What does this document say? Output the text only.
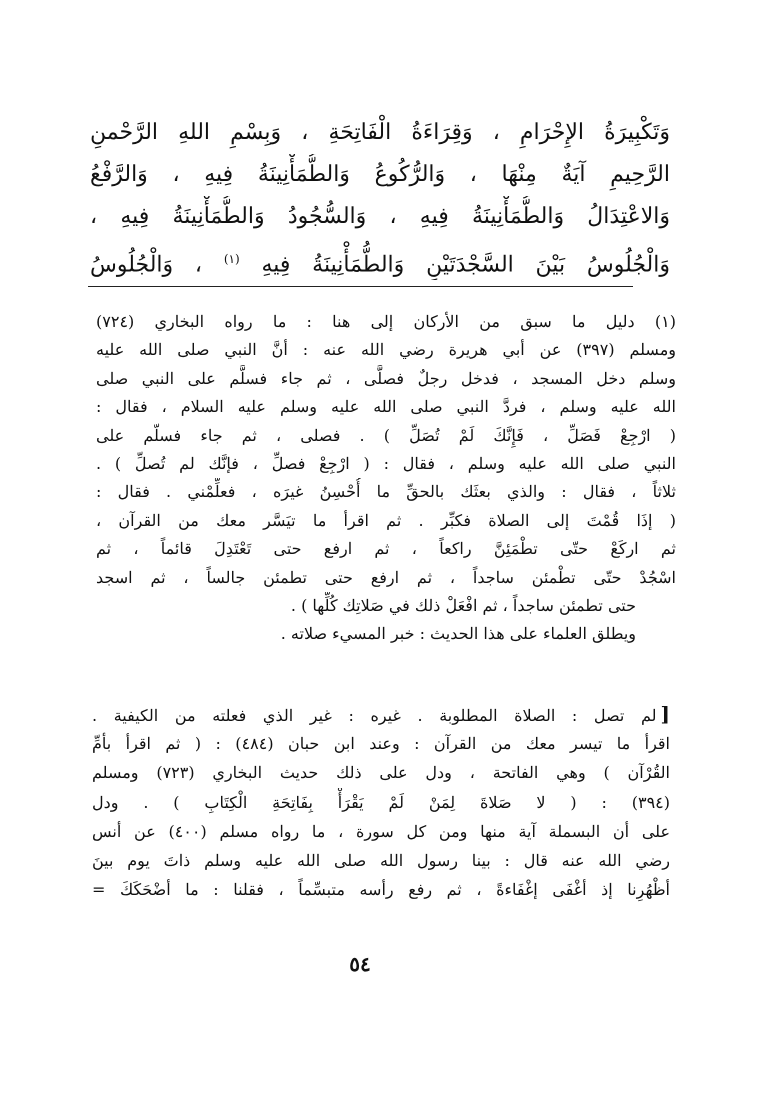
وَتَكْبِيرَةُ الإِحْرَامِ ، وَقِرَاءَةُ الْفَاتِحَةِ ، وَبِسْمِ اللهِ الرَّحْمنِ
الرَّحِيمِ آيَةٌ مِنْهَا ، وَالرُّكُوعُ وَالطُّمَأْنِينَةُ فِيهِ ، وَالرَّفْعُ
وَالاعْتِدَالُ وَالطُّمَأْنِينَةُ فِيهِ ، وَالسُّجُودُ وَالطُّمَأْنِينَةُ فِيهِ ،
وَالْجُلُوسُ بَيْنَ السَّجْدَتَيْنِ وَالطُّمَأْنِينَةُ فِيهِ $^{(١)}$ ، وَالْجُلُوسُ
(١) دليل ما سبق من الأركان إلى هنا : ما رواه البخاري (٧٢٤)
ومسلم (٣٩٧) عن أبي هريرة رضي الله عنه : أنَّ النبي صلى الله عليه
وسلم دخل المسجد ، فدخل رجلٌ فصلَّى ، ثم جاء فسلَّم على النبي صلى
الله عليه وسلم ، فردَّ النبي صلى الله عليه وسلم عليه السلام ، فقال :
( ارْجِعْ فَصَلِّ ، فَإِنَّكَ لَمْ تُصَلِّ ) . فصلى ، ثم جاء فسلّم على
النبي صلى الله عليه وسلم ، فقال : ( ارْجِعْ فصلِّ ، فإنَّك لم تُصلِّ ) .
ثلاثاً ، فقال : والذي بعثَك بالحقِّ ما أُحْسِنُ غيرَه ، فعلِّمْني . فقال :
( إذَا قُمْتَ إلى الصلاة فكبِّر . ثم اقرأ ما تيَسَّر معك من القرآن ،
ثم اركَعْ حتّى تطْمَئِنَّ راكعاً ، ثم ارفع حتى تَعْتَدِلَ قائماً ، ثم
اسْجُدْ حتّى تطْمئن ساجداً ، ثم ارفع حتى تطمئن جالساً ، ثم اسجد
حتى تطمئن ساجداً ، ثم افْعَلْ ذلك في صَلاتِك كُلِّها ) .
ويطلق العلماء على هذا الحديث : خبر المسيء صلاته .
[لم تصل : الصلاة المطلوبة . غيره : غير الذي فعلته من الكيفية .
اقرأ ما تيسر معك من القرآن : وعند ابن حبان (٤٨٤) : ( ثم اقرأ بأمِّ
القُرْآن ) وهي الفاتحة ، ودل على ذلك حديث البخاري (٧٢٣) ومسلم
(٣٩٤) : ( لا صَلاةَ لِمَنْ لَمْ يَقْرَأْ بِفَاتِحَةِ الْكِتَابِ ) . ودل
على أن البسملة آية منها ومن كل سورة ، ما رواه مسلم (٤٠٠) عن أنس
رضي الله عنه قال : بينا رسول الله صلى الله عليه وسلم ذاتَ يوم بينَ
أظْهُرِنا إذ أغْفَى إغْفَاءةً ، ثم رفع رأسه متبسِّماً ، فقلنا : ما أضْحَكَكَ =
٥٤
